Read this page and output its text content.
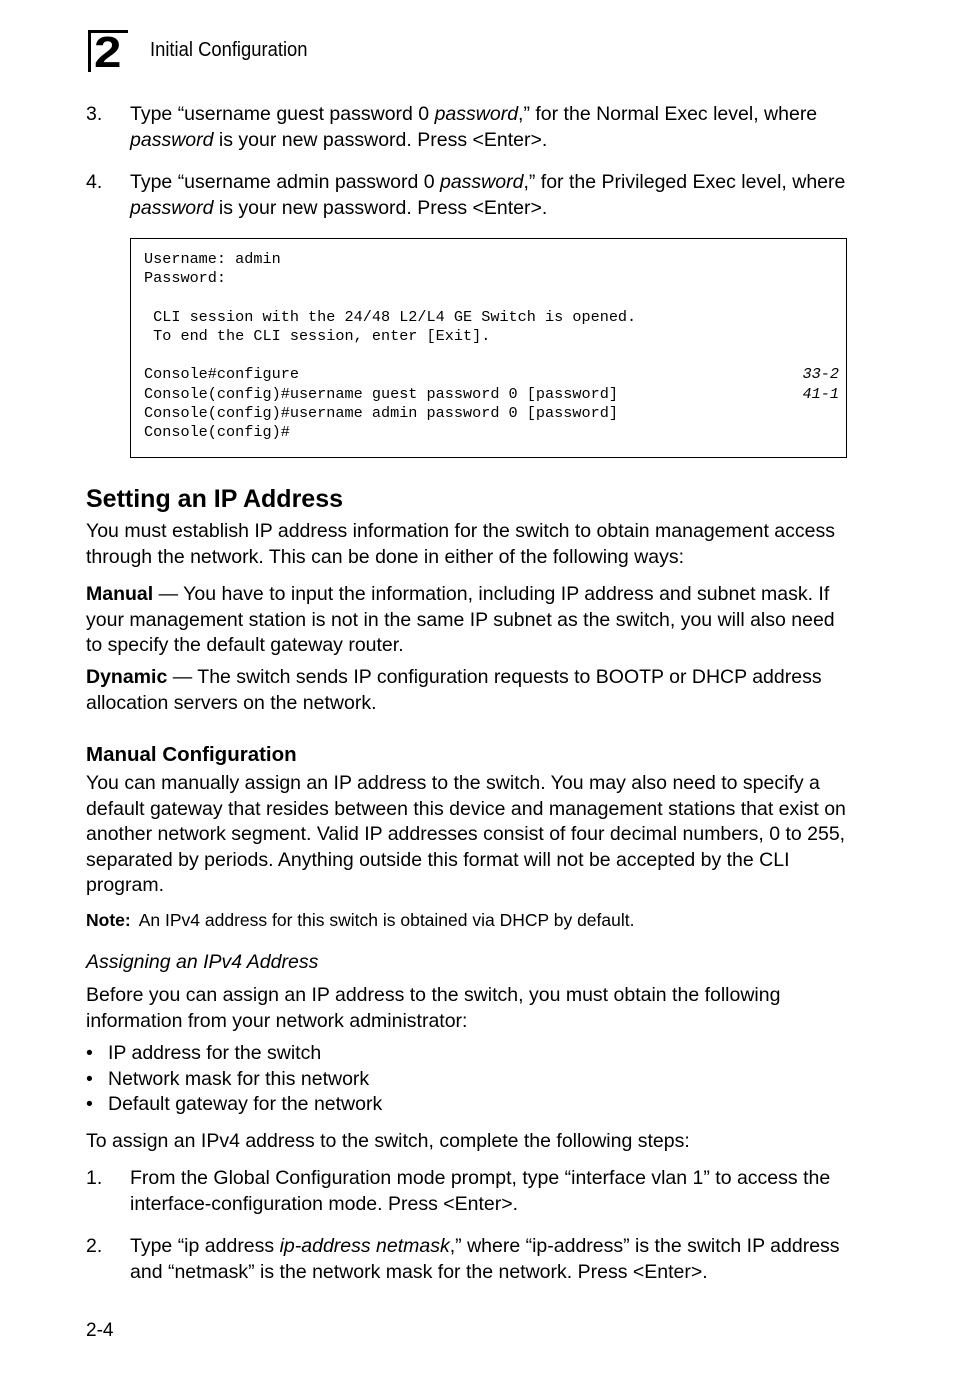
2 Initial Configuration
3. Type “username guest password 0 password,” for the Normal Exec level, where password is your new password. Press <Enter>.
4. Type “username admin password 0 password,” for the Privileged Exec level, where password is your new password. Press <Enter>.
Username: admin
Password:
CLI session with the 24/48 L2/L4 GE Switch is opened.
To end the CLI session, enter [Exit].
Console#configure	33-2
Console(config)#username guest password 0 [password]	41-1
Console(config)#username admin password 0 [password]
Console(config)#
Setting an IP Address
You must establish IP address information for the switch to obtain management access through the network. This can be done in either of the following ways:
Manual — You have to input the information, including IP address and subnet mask. If your management station is not in the same IP subnet as the switch, you will also need to specify the default gateway router.
Dynamic — The switch sends IP configuration requests to BOOTP or DHCP address allocation servers on the network.
Manual Configuration
You can manually assign an IP address to the switch. You may also need to specify a default gateway that resides between this device and management stations that exist on another network segment. Valid IP addresses consist of four decimal numbers, 0 to 255, separated by periods. Anything outside this format will not be accepted by the CLI program.
Note: An IPv4 address for this switch is obtained via DHCP by default.
Assigning an IPv4 Address
Before you can assign an IP address to the switch, you must obtain the following information from your network administrator:
• IP address for the switch
• Network mask for this network
• Default gateway for the network
To assign an IPv4 address to the switch, complete the following steps:
1. From the Global Configuration mode prompt, type “interface vlan 1” to access the interface-configuration mode. Press <Enter>.
2. Type “ip address ip-address netmask,” where “ip-address” is the switch IP address and “netmask” is the network mask for the network. Press <Enter>.
2-4
